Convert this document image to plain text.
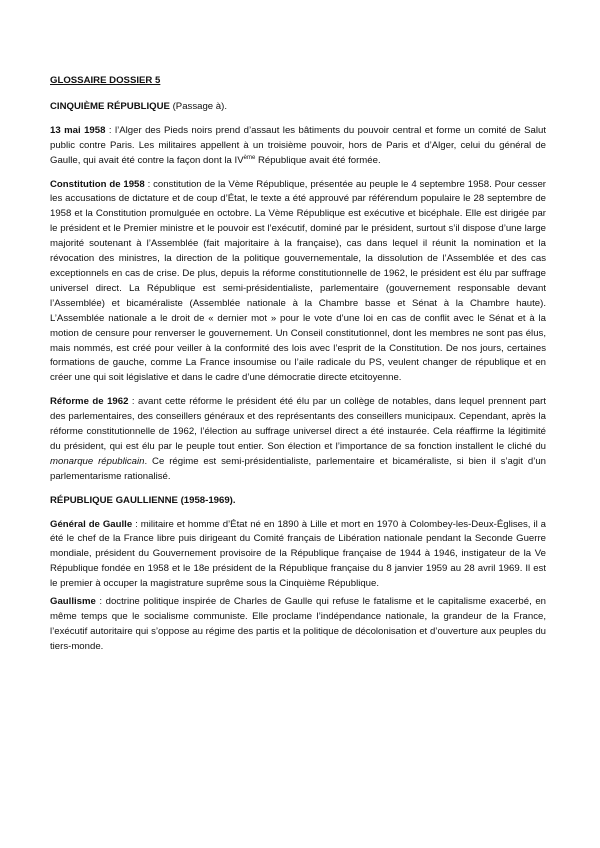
GLOSSAIRE DOSSIER 5

CINQUIÈME RÉPUBLIQUE (Passage à).

13 mai 1958 : l’Alger des Pieds noirs prend d’assaut les bâtiments du pouvoir central et forme un comité de Salut public contre Paris. Les militaires appellent à un troisième pouvoir, hors de Paris et d’Alger, celui du général de Gaulle, qui avait été contre la façon dont la IVème République avait été formée.

Constitution de 1958 : constitution de la Vème République, présentée au peuple le 4 septembre 1958. Pour cesser les accusations de dictature et de coup d’État, le texte a été approuvé par référendum populaire le 28 septembre de 1958 et la Constitution promulguée en octobre. La Vème République est exécutive et bicéphale. Elle est dirigée par le président et le Premier ministre et le pouvoir est l’exécutif, dominé par le président, surtout s’il dispose d’une large majorité soutenant à l’Assemblée (fait majoritaire à la française), cas dans lequel il réunit la nomination et la révocation des ministres, la direction de la politique gouvernementale, la dissolution de l’Assemblée et des cas exceptionnels en cas de crise. De plus, depuis la réforme constitutionnelle de 1962, le président est élu par suffrage universel direct. La République est semi-présidentialiste, parlementaire (gouvernement responsable devant l’Assemblée) et bicaméraliste (Assemblée nationale à la Chambre basse et Sénat à la Chambre haute). L’Assemblée nationale a le droit de « dernier mot » pour le vote d’une loi en cas de conflit avec le Sénat et à la motion de censure pour renverser le gouvernement. Un Conseil constitutionnel, dont les membres ne sont pas élus, mais nommés, est créé pour veiller à la conformité des lois avec l’esprit de la Constitution. De nos jours, certaines formations de gauche, comme La France insoumise ou l’aile radicale du PS, veulent changer de république et en créer une qui soit législative et dans le cadre d’une démocratie directe etcitoyenne.

Réforme de 1962 : avant cette réforme le président été élu par un collège de notables, dans lequel prennent part des parlementaires, des conseillers généraux et des représentants des conseillers municipaux. Cependant, après la réforme constitutionnelle de 1962, l’élection au suffrage universel direct a été instaurée. Cela réaffirme la légitimité du président, qui est élu par le peuple tout entier. Son élection et l’importance de sa fonction installent le cliché du monarque républicain. Ce régime est semi-présidentialiste, parlementaire et bicaméraliste, si bien il s’agit d’un parlementarisme rationalisé.

RÉPUBLIQUE GAULLIENNE (1958-1969).

Général de Gaulle : militaire et homme d’État né en 1890 à Lille et mort en 1970 à Colombey-les-Deux-Églises, il a été le chef de la France libre puis dirigeant du Comité français de Libération nationale pendant la Seconde Guerre mondiale, président du Gouvernement provisoire de la République française de 1944 à 1946, instigateur de la Ve République fondée en 1958 et le 18e président de la République française du 8 janvier 1959 au 28 avril 1969. Il est le premier à occuper la magistrature suprême sous la Cinquième République.

Gaullisme : doctrine politique inspirée de Charles de Gaulle qui refuse le fatalisme et le capitalisme exacerbé, en même temps que le socialisme communiste. Elle proclame l’indépendance nationale, la grandeur de la France, l’exécutif autoritaire qui s’oppose au régime des partis et la politique de décolonisation et d’ouverture aux peuples du tiers-monde.
